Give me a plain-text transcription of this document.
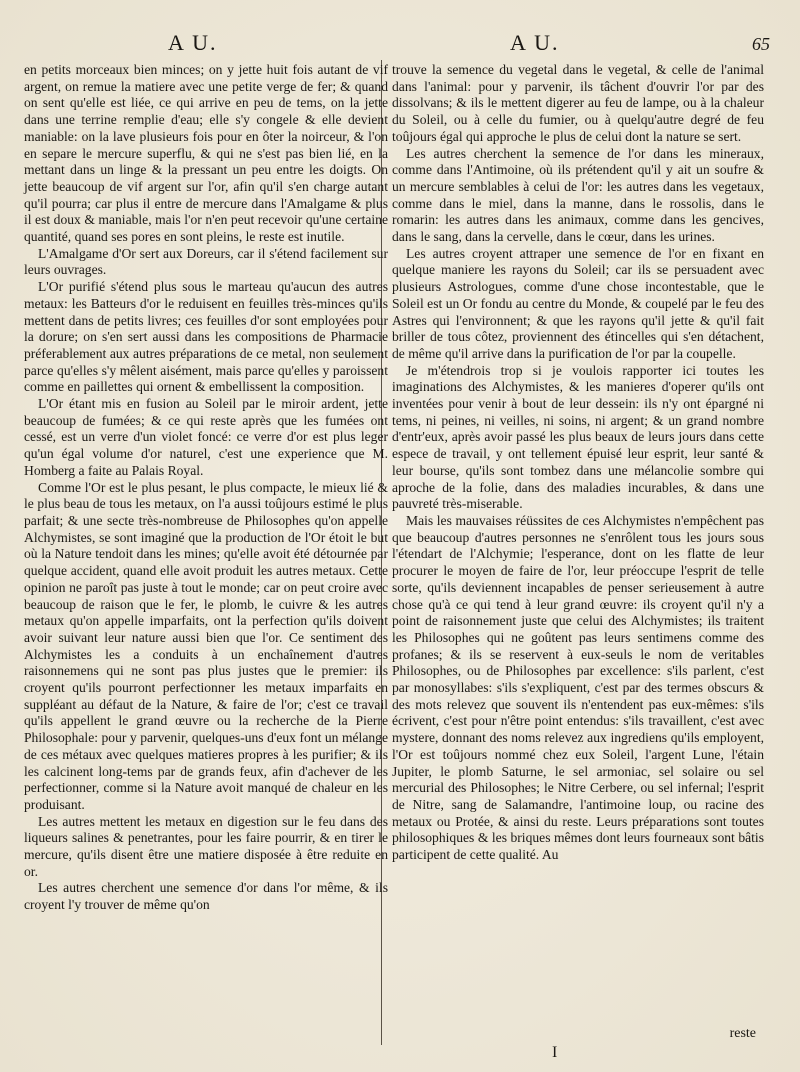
A U.	A U.	65

en petits morceaux bien minces; on y jette huit fois autant de vif argent, on remue la matiere avec une petite verge de fer; & quand on sent qu'elle est liée, ce qui arrive en peu de tems, on la jette dans une terrine remplie d'eau; elle s'y congele & elle devient maniable: on la lave plusieurs fois pour en ôter la noirceur, & l'on en separe le mercure superflu, & qui ne s'est pas bien lié, en la mettant dans un linge & la pressant un peu entre les doigts. On jette beaucoup de vif argent sur l'or, afin qu'il s'en charge autant qu'il pourra; car plus il entre de mercure dans l'Amalgame & plus il est doux & maniable, mais l'or n'en peut recevoir qu'une certaine quantité, quand ses pores en sont pleins, le reste est inutile.

L'Amalgame d'Or sert aux Doreurs, car il s'étend facilement sur leurs ouvrages.

L'Or purifié s'étend plus sous le marteau qu'aucun des autres metaux: les Batteurs d'or le reduisent en feuilles très-minces qu'ils mettent dans de petits livres; ces feuilles d'or sont employées pour la dorure; on s'en sert aussi dans les compositions de Pharmacie préferablement aux autres préparations de ce metal, non seulement parce qu'elles s'y mêlent aisément, mais parce qu'elles y paroissent comme en paillettes qui ornent & embellissent la composition.

L'Or étant mis en fusion au Soleil par le miroir ardent, jette beaucoup de fumées; & ce qui reste après que les fumées ont cessé, est un verre d'un violet foncé: ce verre d'or est plus leger qu'un égal volume d'or naturel, c'est une experience que M. Homberg a faite au Palais Royal.

Comme l'Or est le plus pesant, le plus compacte, le mieux lié & le plus beau de tous les metaux, on l'a aussi toûjours estimé le plus parfait; & une secte très-nombreuse de Philosophes qu'on appelle Alchymistes, se sont imaginé que la production de l'Or étoit le but où la Nature tendoit dans les mines; qu'elle avoit été détournée par quelque accident, quand elle avoit produit les autres metaux. Cette opinion ne paroît pas juste à tout le monde; car on peut croire avec beaucoup de raison que le fer, le plomb, le cuivre & les autres metaux qu'on appelle imparfaits, ont la perfection qu'ils doivent avoir suivant leur nature aussi bien que l'or. Ce sentiment des Alchymistes les a conduits à un enchaînement d'autres raisonnemens qui ne sont pas plus justes que le premier: ils croyent qu'ils pourront perfectionner les metaux imparfaits en suppléant au défaut de la Nature, & faire de l'or; c'est ce travail qu'ils appellent le grand œuvre ou la recherche de la Pierre Philosophale: pour y parvenir, quelques-uns d'eux font un mélange de ces métaux avec quelques matieres propres à les purifier; & ils les calcinent long-tems par de grands feux, afin d'achever de les perfectionner, comme si la Nature avoit manqué de chaleur en les produisant.

Les autres mettent les metaux en digestion sur le feu dans des liqueurs salines & penetrantes, pour les faire pourrir, & en tirer le mercure, qu'ils disent être une matiere disposée à être reduite en or.

Les autres cherchent une semence d'or dans l'or même, & ils croyent l'y trouver de même qu'on

trouve la semence du vegetal dans le vegetal, & celle de l'animal dans l'animal: pour y parvenir, ils tâchent d'ouvrir l'or par des dissolvans; & ils le mettent digerer au feu de lampe, ou à la chaleur du Soleil, ou à celle du fumier, ou à quelqu'autre degré de feu toûjours égal qui approche le plus de celui dont la nature se sert.

Les autres cherchent la semence de l'or dans les mineraux, comme dans l'Antimoine, où ils prétendent qu'il y ait un soufre & un mercure semblables à celui de l'or: les autres dans les vegetaux, comme dans le miel, dans la manne, dans le rossolis, dans le romarin: les autres dans les animaux, comme dans les gencives, dans le sang, dans la cervelle, dans le cœur, dans les urines.

Les autres croyent attraper une semence de l'or en fixant en quelque maniere les rayons du Soleil; car ils se persuadent avec plusieurs Astrologues, comme d'une chose incontestable, que le Soleil est un Or fondu au centre du Monde, & coupelé par le feu des Astres qui l'environnent; & que les rayons qu'il jette & qu'il fait briller de tous côtez, proviennent des étincelles qui s'en détachent, de même qu'il arrive dans la purification de l'or par la coupelle.

Je m'étendrois trop si je voulois rapporter ici toutes les imaginations des Alchymistes, & les manieres d'operer qu'ils ont inventées pour venir à bout de leur dessein: ils n'y ont épargné ni tems, ni peines, ni veilles, ni soins, ni argent; & un grand nombre d'entr'eux, après avoir passé les plus beaux de leurs jours dans cette espece de travail, y ont tellement épuisé leur esprit, leur santé & leur bourse, qu'ils sont tombez dans une mélancolie sombre qui aproche de la folie, dans des maladies incurables, & dans une pauvreté très-miserable.

Mais les mauvaises réüssites de ces Alchymistes n'empêchent pas que beaucoup d'autres personnes ne s'enrôlent tous les jours sous l'étendart de l'Alchymie; l'esperance, dont on les flatte de leur procurer le moyen de faire de l'or, leur préoccupe l'esprit de telle sorte, qu'ils deviennent incapables de penser serieusement à autre chose qu'à ce qui tend à leur grand œuvre: ils croyent qu'il n'y a point de raisonnement juste que celui des Alchymistes; ils traitent les Philosophes qui ne goûtent pas leurs sentimens comme des profanes; & ils se reservent à eux-seuls le nom de veritables Philosophes, ou de Philosophes par excellence: s'ils parlent, c'est par monosyllabes: s'ils s'expliquent, c'est par des termes obscurs & des mots relevez que souvent ils n'entendent pas eux-mêmes: s'ils écrivent, c'est pour n'être point entendus: s'ils travaillent, c'est avec mystere, donnant des noms relevez aux ingrediens qu'ils employent, l'Or est toûjours nommé chez eux Soleil, l'argent Lune, l'étain Jupiter, le plomb Saturne, le sel armoniac, sel solaire ou sel mercurial des Philosophes; le Nitre Cerbere, ou sel infernal; l'esprit de Nitre, sang de Salamandre, l'antimoine loup, ou racine des metaux ou Protée, & ainsi du reste. Leurs préparations sont toutes philosophiques & les briques mêmes dont leurs fourneaux sont bâtis participent de cette qualité. Au

I
reste
